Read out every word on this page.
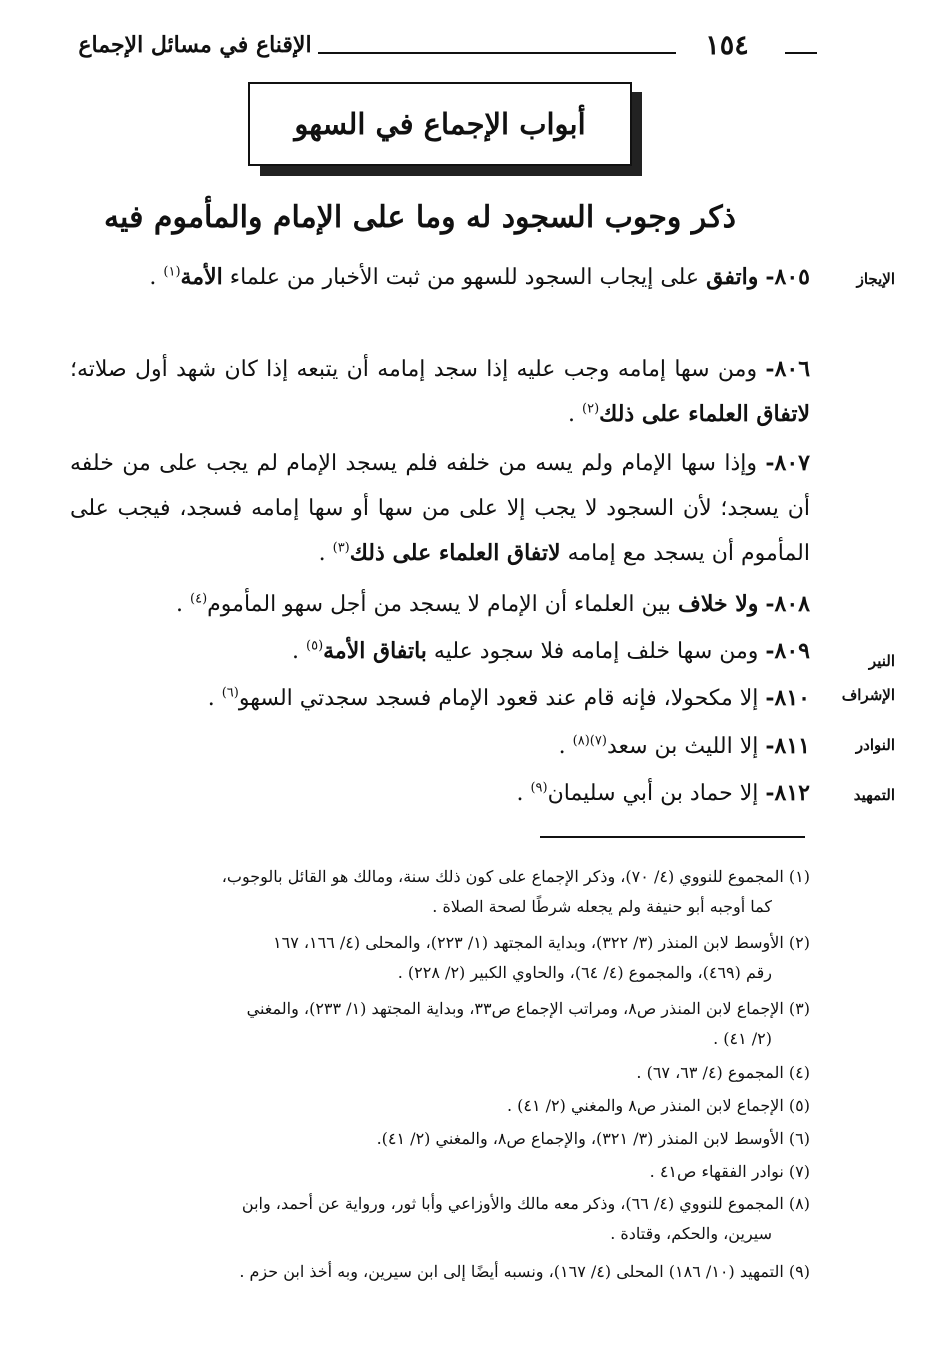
١٥٤
الإقناع في مسائل الإجماع
أبواب الإجماع في السهو
ذكر وجوب السجود له وما على الإمام والمأموم فيه
الإيجاز
النير
الإشراف
النوادر
التمهيد
٨٠٥- واتفق على إيجاب السجود للسهو من ثبت الأخبار من علماء الأمة$^{(١)}$ .
٨٠٦- ومن سها إمامه وجب عليه إذا سجد إمامه أن يتبعه إذا كان شهد أول صلاته؛ لاتفاق العلماء على ذلك$^{(٢)}$ .
٨٠٧- وإذا سها الإمام ولم يسه من خلفه فلم يسجد الإمام لم يجب على من خلفه أن يسجد؛ لأن السجود لا يجب إلا على من سها أو سها إمامه فسجد، فيجب على المأموم أن يسجد مع إمامه لاتفاق العلماء على ذلك$^{(٣)}$ .
٨٠٨- ولا خلاف بين العلماء أن الإمام لا يسجد من أجل سهو المأموم$^{(٤)}$ .
٨٠٩- ومن سها خلف إمامه فلا سجود عليه باتفاق الأمة$^{(٥)}$ .
٨١٠- إلا مكحولا، فإنه قام عند قعود الإمام فسجد سجدتي السهو$^{(٦)}$ .
٨١١- إلا الليث بن سعد$^{(٧)(٨)}$ .
٨١٢- إلا حماد بن أبي سليمان$^{(٩)}$ .
(١) المجموع للنووي (٤/ ٧٠)، وذكر الإجماع على كون ذلك سنة، ومالك هو القائل بالوجوب،
كما أوجبه أبو حنيفة ولم يجعله شرطًا لصحة الصلاة .
(٢) الأوسط لابن المنذر (٣/ ٣٢٢)، وبداية المجتهد (١/ ٢٢٣)، والمحلى (٤/ ١٦٦، ١٦٧
رقم (٤٦٩)، والمجموع (٤/ ٦٤)، والحاوي الكبير (٢/ ٢٢٨) .
(٣) الإجماع لابن المنذر ص٨، ومراتب الإجماع ص٣٣، وبداية المجتهد (١/ ٢٣٣)، والمغني
(٢/ ٤١) .
(٤) المجموع (٤/ ٦٣، ٦٧) .
(٥) الإجماع لابن المنذر ص٨ والمغني (٢/ ٤١) .
(٦) الأوسط لابن المنذر (٣/ ٣٢١)، والإجماع ص٨، والمغني (٢/ ٤١).
(٧) نوادر الفقهاء ص٤١ .
(٨) المجموع للنووي (٤/ ٦٦)، وذكر معه مالك والأوزاعي وأبا ثور، ورواية عن أحمد، وابن
سيرين، والحكم، وقتادة .
(٩) التمهيد (١٠/ ١٨٦) المحلى (٤/ ١٦٧)، ونسبه أيضًا إلى ابن سيرين، وبه أخذ ابن حزم .
